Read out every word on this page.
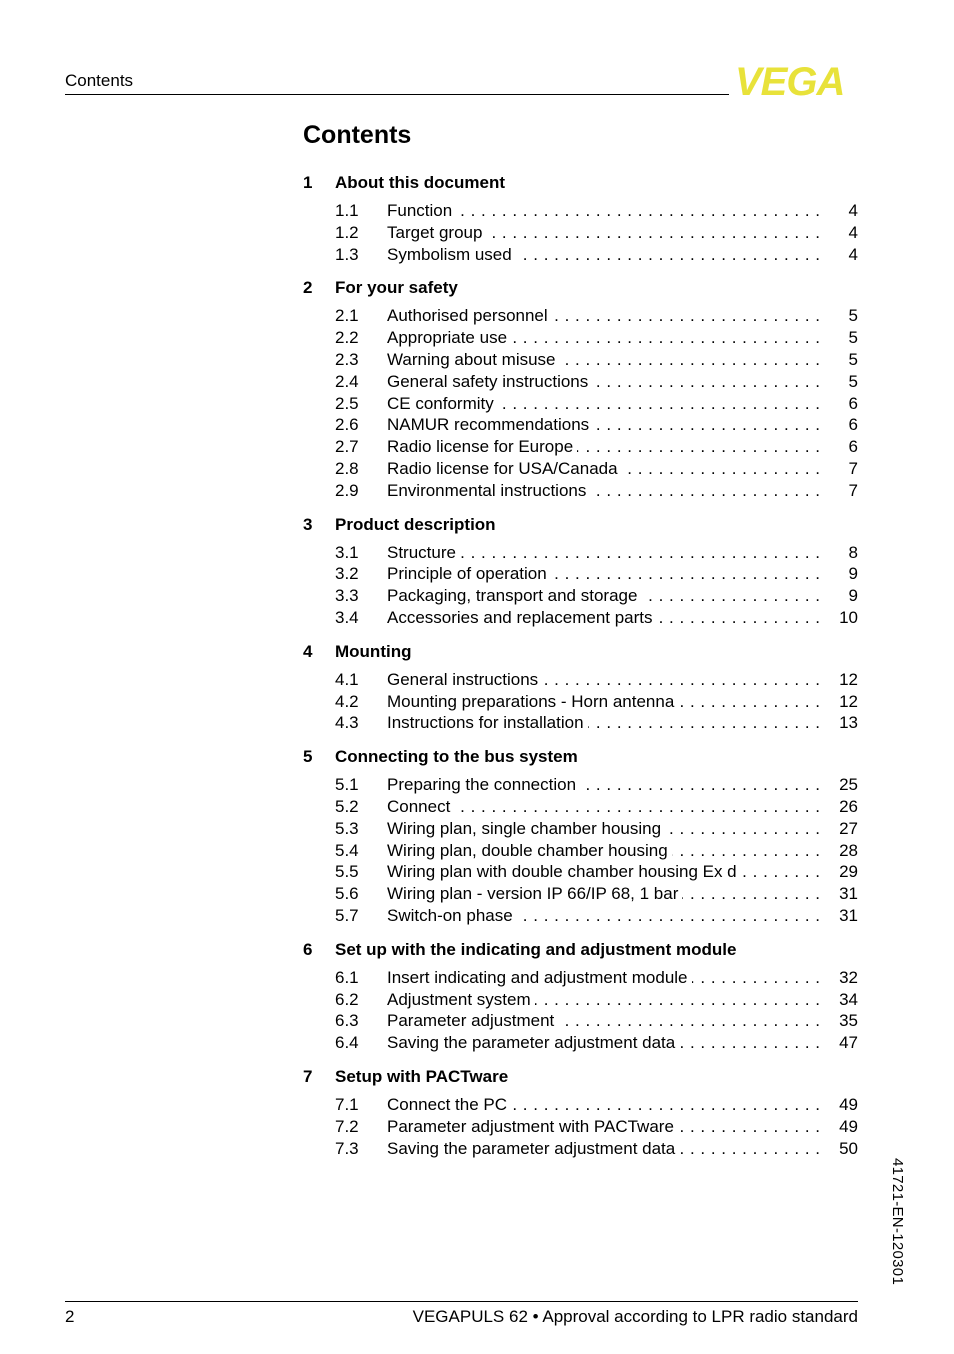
Contents	VEGA
Contents
1	About this document
1.1	Function . . .	4
1.2	Target group . . .	4
1.3	Symbolism used . . .	4
2	For your safety
2.1	Authorised personnel . . .	5
2.2	Appropriate use . . .	5
2.3	Warning about misuse . . .	5
2.4	General safety instructions . . .	5
2.5	CE conformity . . .	6
2.6	NAMUR recommendations . . .	6
2.7	Radio license for Europe . . .	6
2.8	Radio license for USA/Canada . . .	7
2.9	Environmental instructions . . .	7
3	Product description
3.1	Structure . . .	8
3.2	Principle of operation . . .	9
3.3	Packaging, transport and storage . . .	9
3.4	Accessories and replacement parts . . .	10
4	Mounting
4.1	General instructions . . .	12
4.2	Mounting preparations - Horn antenna . . .	12
4.3	Instructions for installation . . .	13
5	Connecting to the bus system
5.1	Preparing the connection . . .	25
5.2	Connect . . .	26
5.3	Wiring plan, single chamber housing . . .	27
5.4	Wiring plan, double chamber housing . . .	28
5.5	Wiring plan with double chamber housing Ex d . . .	29
5.6	Wiring plan - version IP 66/IP 68, 1 bar . . .	31
5.7	Switch-on phase . . .	31
6	Set up with the indicating and adjustment module
6.1	Insert indicating and adjustment module . . .	32
6.2	Adjustment system . . .	34
6.3	Parameter adjustment . . .	35
6.4	Saving the parameter adjustment data . . .	47
7	Setup with PACTware
7.1	Connect the PC . . .	49
7.2	Parameter adjustment with PACTware . . .	49
7.3	Saving the parameter adjustment data . . .	50
2	VEGAPULS 62 • Approval according to LPR radio standard
41721-EN-120301
